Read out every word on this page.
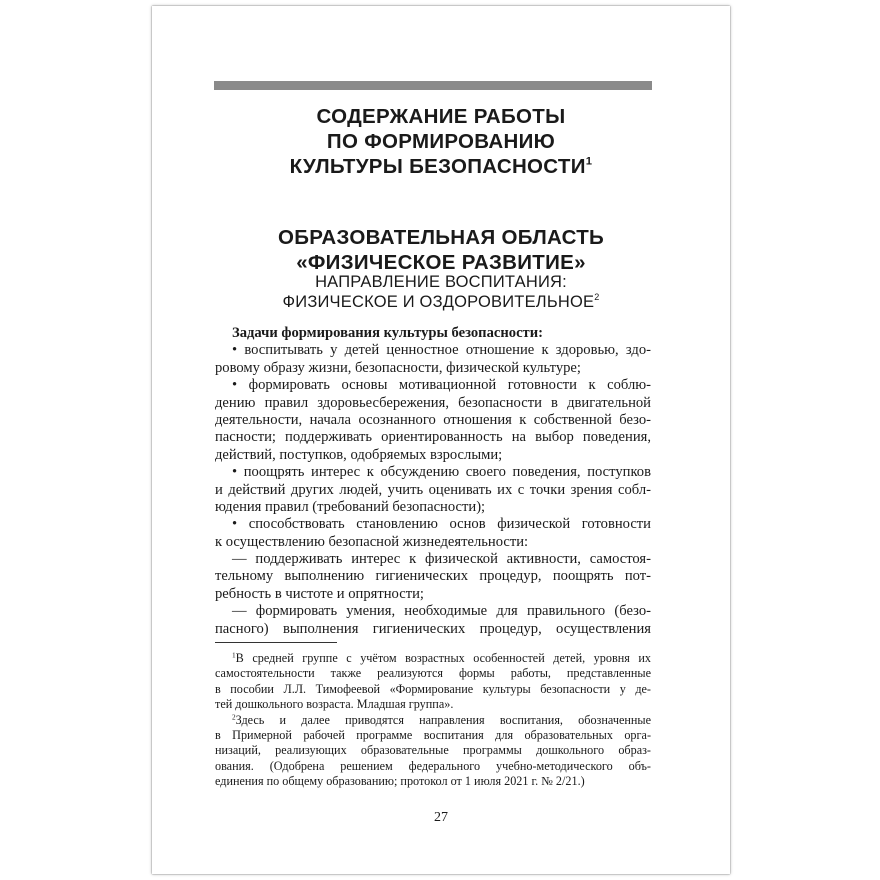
СОДЕРЖАНИЕ РАБОТЫ
ПО ФОРМИРОВАНИЮ
КУЛЬТУРЫ БЕЗОПАСНОСТИ$^1$
ОБРАЗОВАТЕЛЬНАЯ ОБЛАСТЬ
«ФИЗИЧЕСКОЕ РАЗВИТИЕ»
НАПРАВЛЕНИЕ ВОСПИТАНИЯ:
ФИЗИЧЕСКОЕ И ОЗДОРОВИТЕЛЬНОЕ$^2$
Задачи формирования культуры безопасности:
• воспитывать у детей ценностное отношение к здоровью, здо-
ровому образу жизни, безопасности, физической культуре;
• формировать основы мотивационной готовности к соблю-
дению правил здоровьесбережения, безопасности в двигательной
деятельности, начала осознанного отношения к собственной безо-
пасности; поддерживать ориентированность на выбор поведения,
действий, поступков, одобряемых взрослыми;
• поощрять интерес к обсуждению своего поведения, поступков
и действий других людей, учить оценивать их с точки зрения собл-
юдения правил (требований безопасности);
• способствовать становлению основ физической готовности
к осуществлению безопасной жизнедеятельности:
— поддерживать интерес к физической активности, самостоя-
тельному выполнению гигиенических процедур, поощрять пот-
ребность в чистоте и опрятности;
— формировать умения, необходимые для правильного (безо-
пасного) выполнения гигиенических процедур, осуществления
$^1$В средней группе с учётом возрастных особенностей детей, уровня их
самостоятельности также реализуются формы работы, представленные
в пособии Л.Л. Тимофеевой «Формирование культуры безопасности у де-
тей дошкольного возраста. Младшая группа».
$^2$Здесь и далее приводятся направления воспитания, обозначенные
в Примерной рабочей программе воспитания для образовательных орга-
низаций, реализующих образовательные программы дошкольного образ-
ования. (Одобрена решением федерального учебно-методического объ-
единения по общему образованию; протокол от 1 июля 2021 г. № 2/21.)
27
